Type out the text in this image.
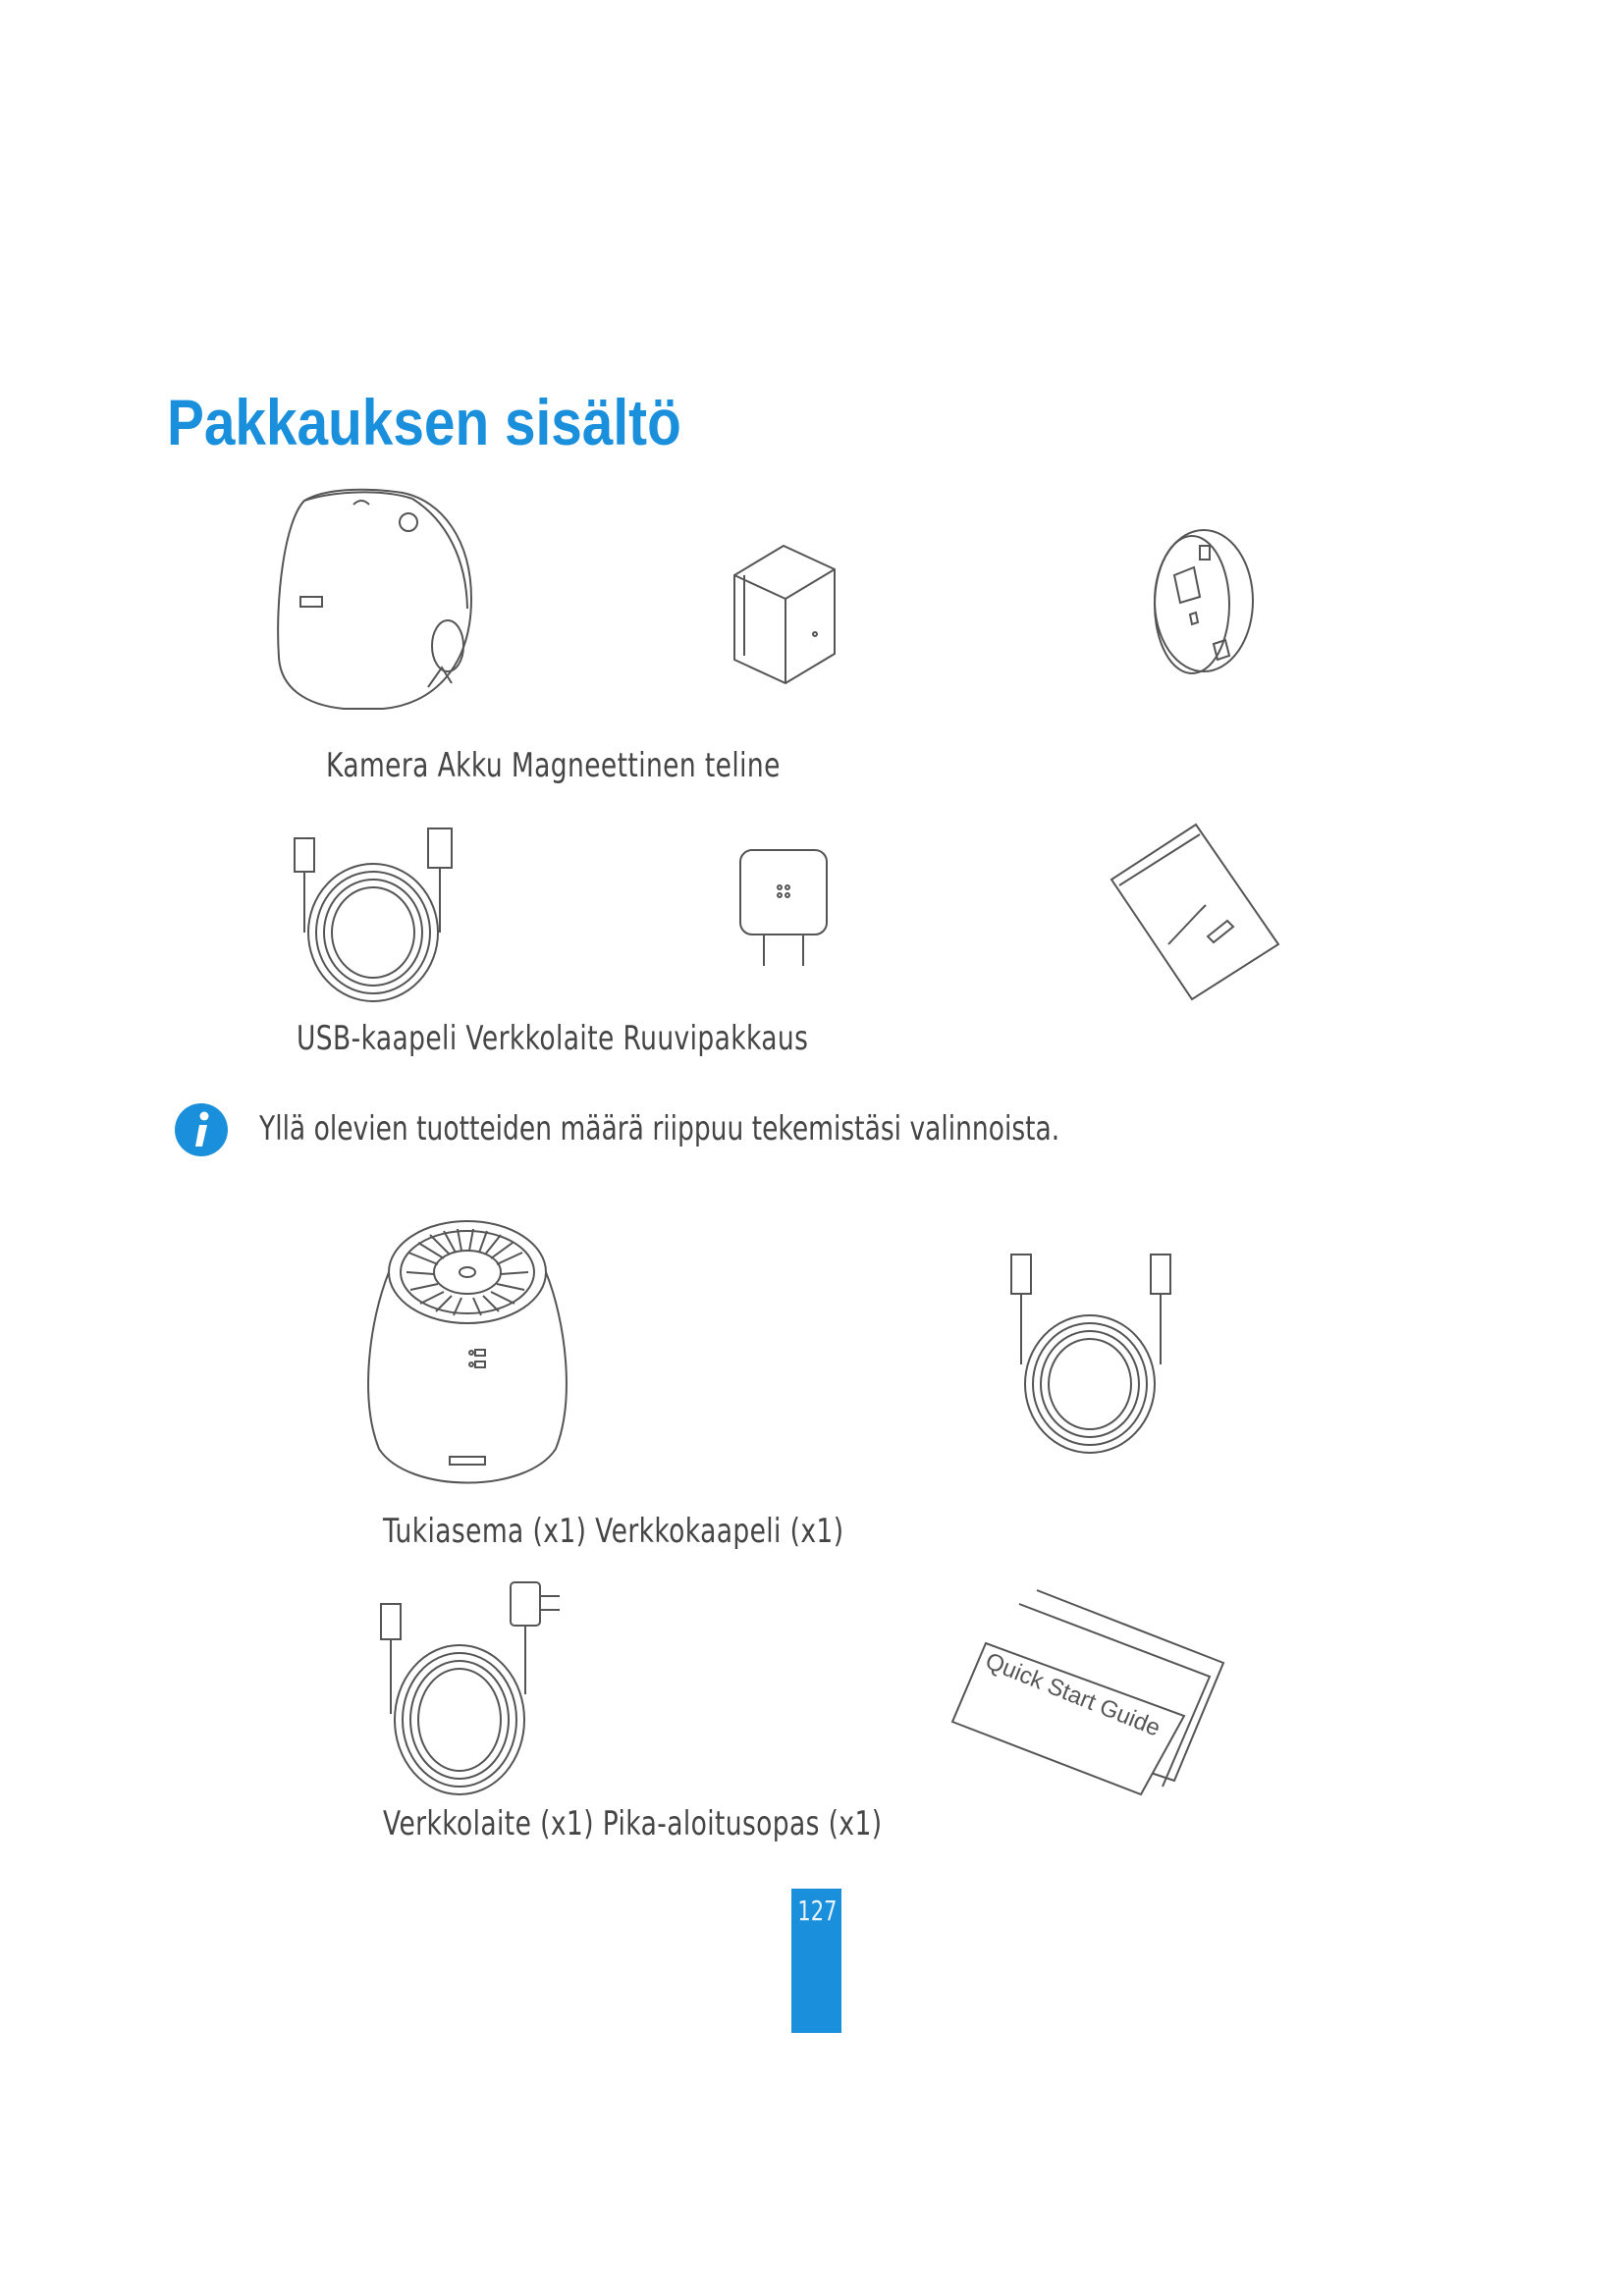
Pakkauksen sisältö
Kamera Akku Magneettinen teline
USB-kaapeli Verkkolaite Ruuvipakkaus
Yllä olevien tuotteiden määrä riippuu tekemistäsi valinnoista.
Tukiasema (x1) Verkkokaapeli (x1)
Quick Start Guide
Verkkolaite (x1) Pika-aloitusopas (x1)
127
